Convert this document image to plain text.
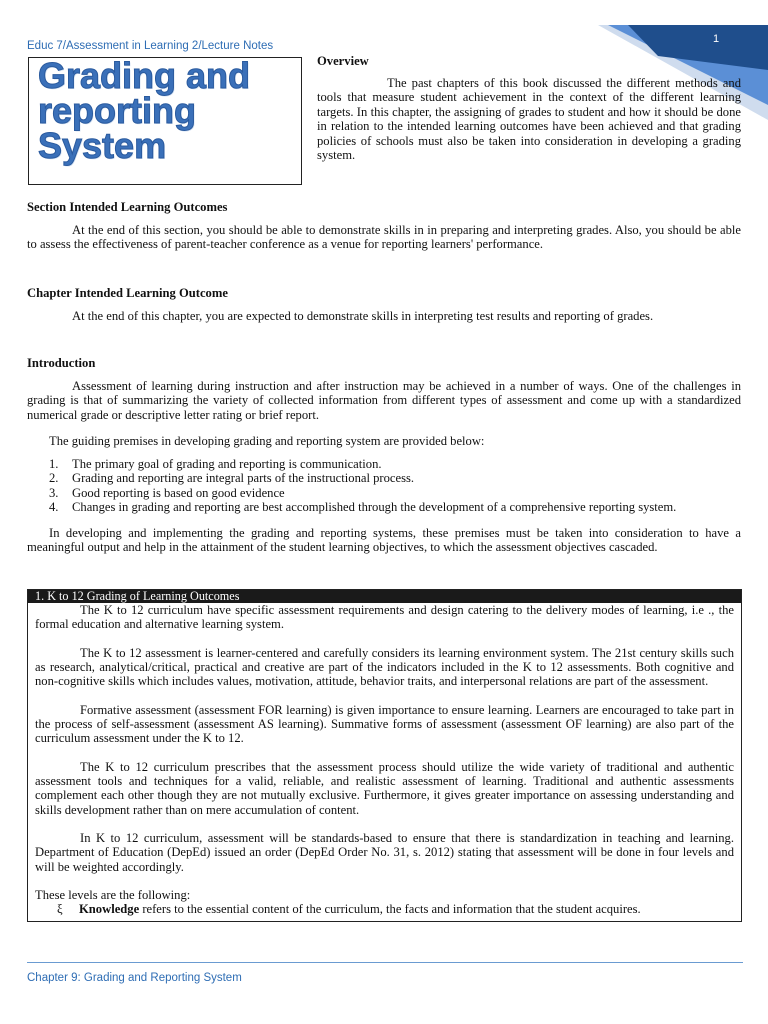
Educ 7/Assessment in Learning 2/Lecture Notes
1
Grading and
reporting
System
Overview
The past chapters of this book discussed the different methods and tools that measure student achievement in the context of the different learning targets. In this chapter, the assigning of grades to student and how it should be done in relation to the intended learning outcomes have been achieved and that grading policies of schools must also be taken into consideration in developing a grading system.
Section Intended Learning Outcomes
At the end of this section, you should be able to demonstrate skills in in preparing and interpreting grades. Also, you should be able to assess the effectiveness of parent-teacher conference as a venue for reporting learners' performance.
Chapter Intended Learning Outcome
At the end of this chapter, you are expected to demonstrate skills in interpreting test results and reporting of grades.
Introduction
Assessment of learning during instruction and after instruction may be achieved in a number of ways. One of the challenges in grading is that of summarizing the variety of collected information from different types of assessment and come up with a standardized numerical grade or descriptive letter rating or brief report.
The guiding premises in developing grading and reporting system are provided below:
1. The primary goal of grading and reporting is communication.
2. Grading and reporting are integral parts of the instructional process.
3. Good reporting is based on good evidence
4. Changes in grading and reporting are best accomplished through the development of a comprehensive reporting system.
In developing and implementing the grading and reporting systems, these premises must be taken into consideration to have a meaningful output and help in the attainment of the student learning objectives, to which the assessment objectives cascaded.
1. K to 12 Grading of Learning Outcomes

The K to 12 curriculum have specific assessment requirements and design catering to the delivery modes of learning, i.e ., the formal education and alternative learning system.

The K to 12 assessment is learner-centered and carefully considers its learning environment system. The 21st century skills such as research, analytical/critical, practical and creative are part of the indicators included in the K to 12 assessments. Both cognitive and non-cognitive skills which includes values, motivation, attitude, behavior traits, and interpersonal relations are part of the assessment.

Formative assessment (assessment FOR learning) is given importance to ensure learning. Learners are encouraged to take part in the process of self-assessment (assessment AS learning). Summative forms of assessment (assessment OF learning) are also part of the curriculum assessment under the K to 12.

The K to 12 curriculum prescribes that the assessment process should utilize the wide variety of traditional and authentic assessment tools and techniques for a valid, reliable, and realistic assessment of learning. Traditional and authentic assessments complement each other though they are not mutually exclusive. Furthermore, it gives greater importance on assessing understanding and skills development rather than on mere accumulation of content.

In K to 12 curriculum, assessment will be standards-based to ensure that there is standardization in teaching and learning. Department of Education (DepEd) issued an order (DepEd Order No. 31, s. 2012) stating that assessment will be done in four levels and will be weighted accordingly.

These levels are the following:
ξ Knowledge refers to the essential content of the curriculum, the facts and information that the student acquires.
Chapter 9: Grading and Reporting System
